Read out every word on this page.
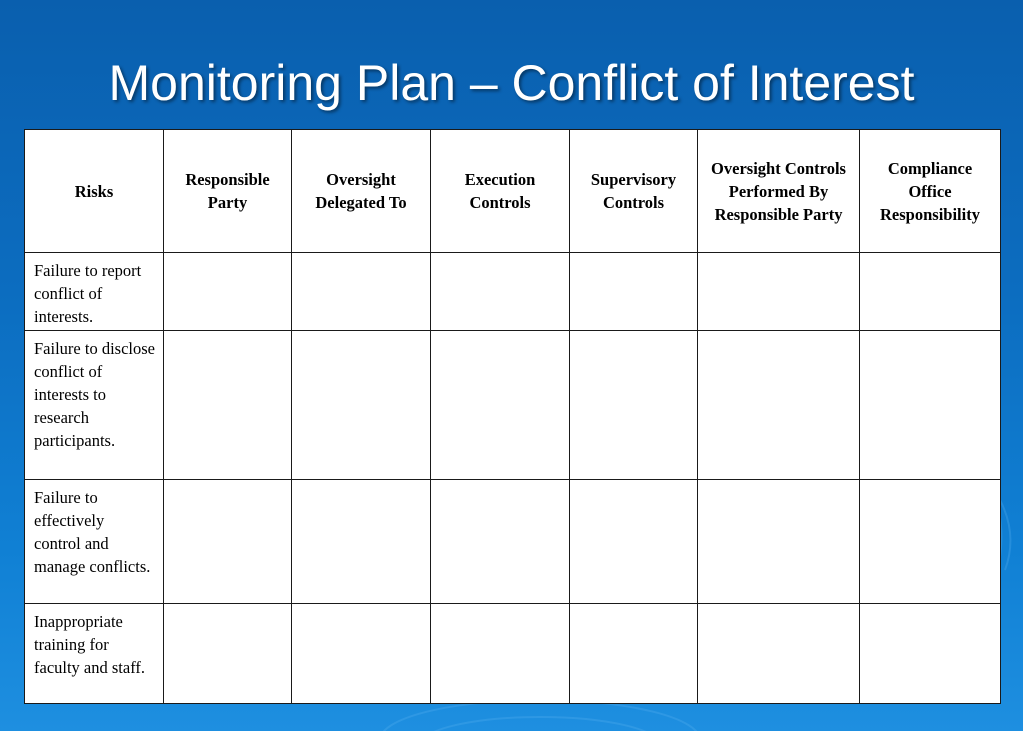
Monitoring Plan – Conflict of Interest
Risks	Responsible Party	Oversight Delegated To	Execution Controls	Supervisory Controls	Oversight Controls Performed By Responsible Party	Compliance Office Responsibility
Failure to report conflict of interests.						
Failure to disclose conflict of interests to research participants.						
Failure to effectively control and manage conflicts.						
Inappropriate training for faculty and staff.						
